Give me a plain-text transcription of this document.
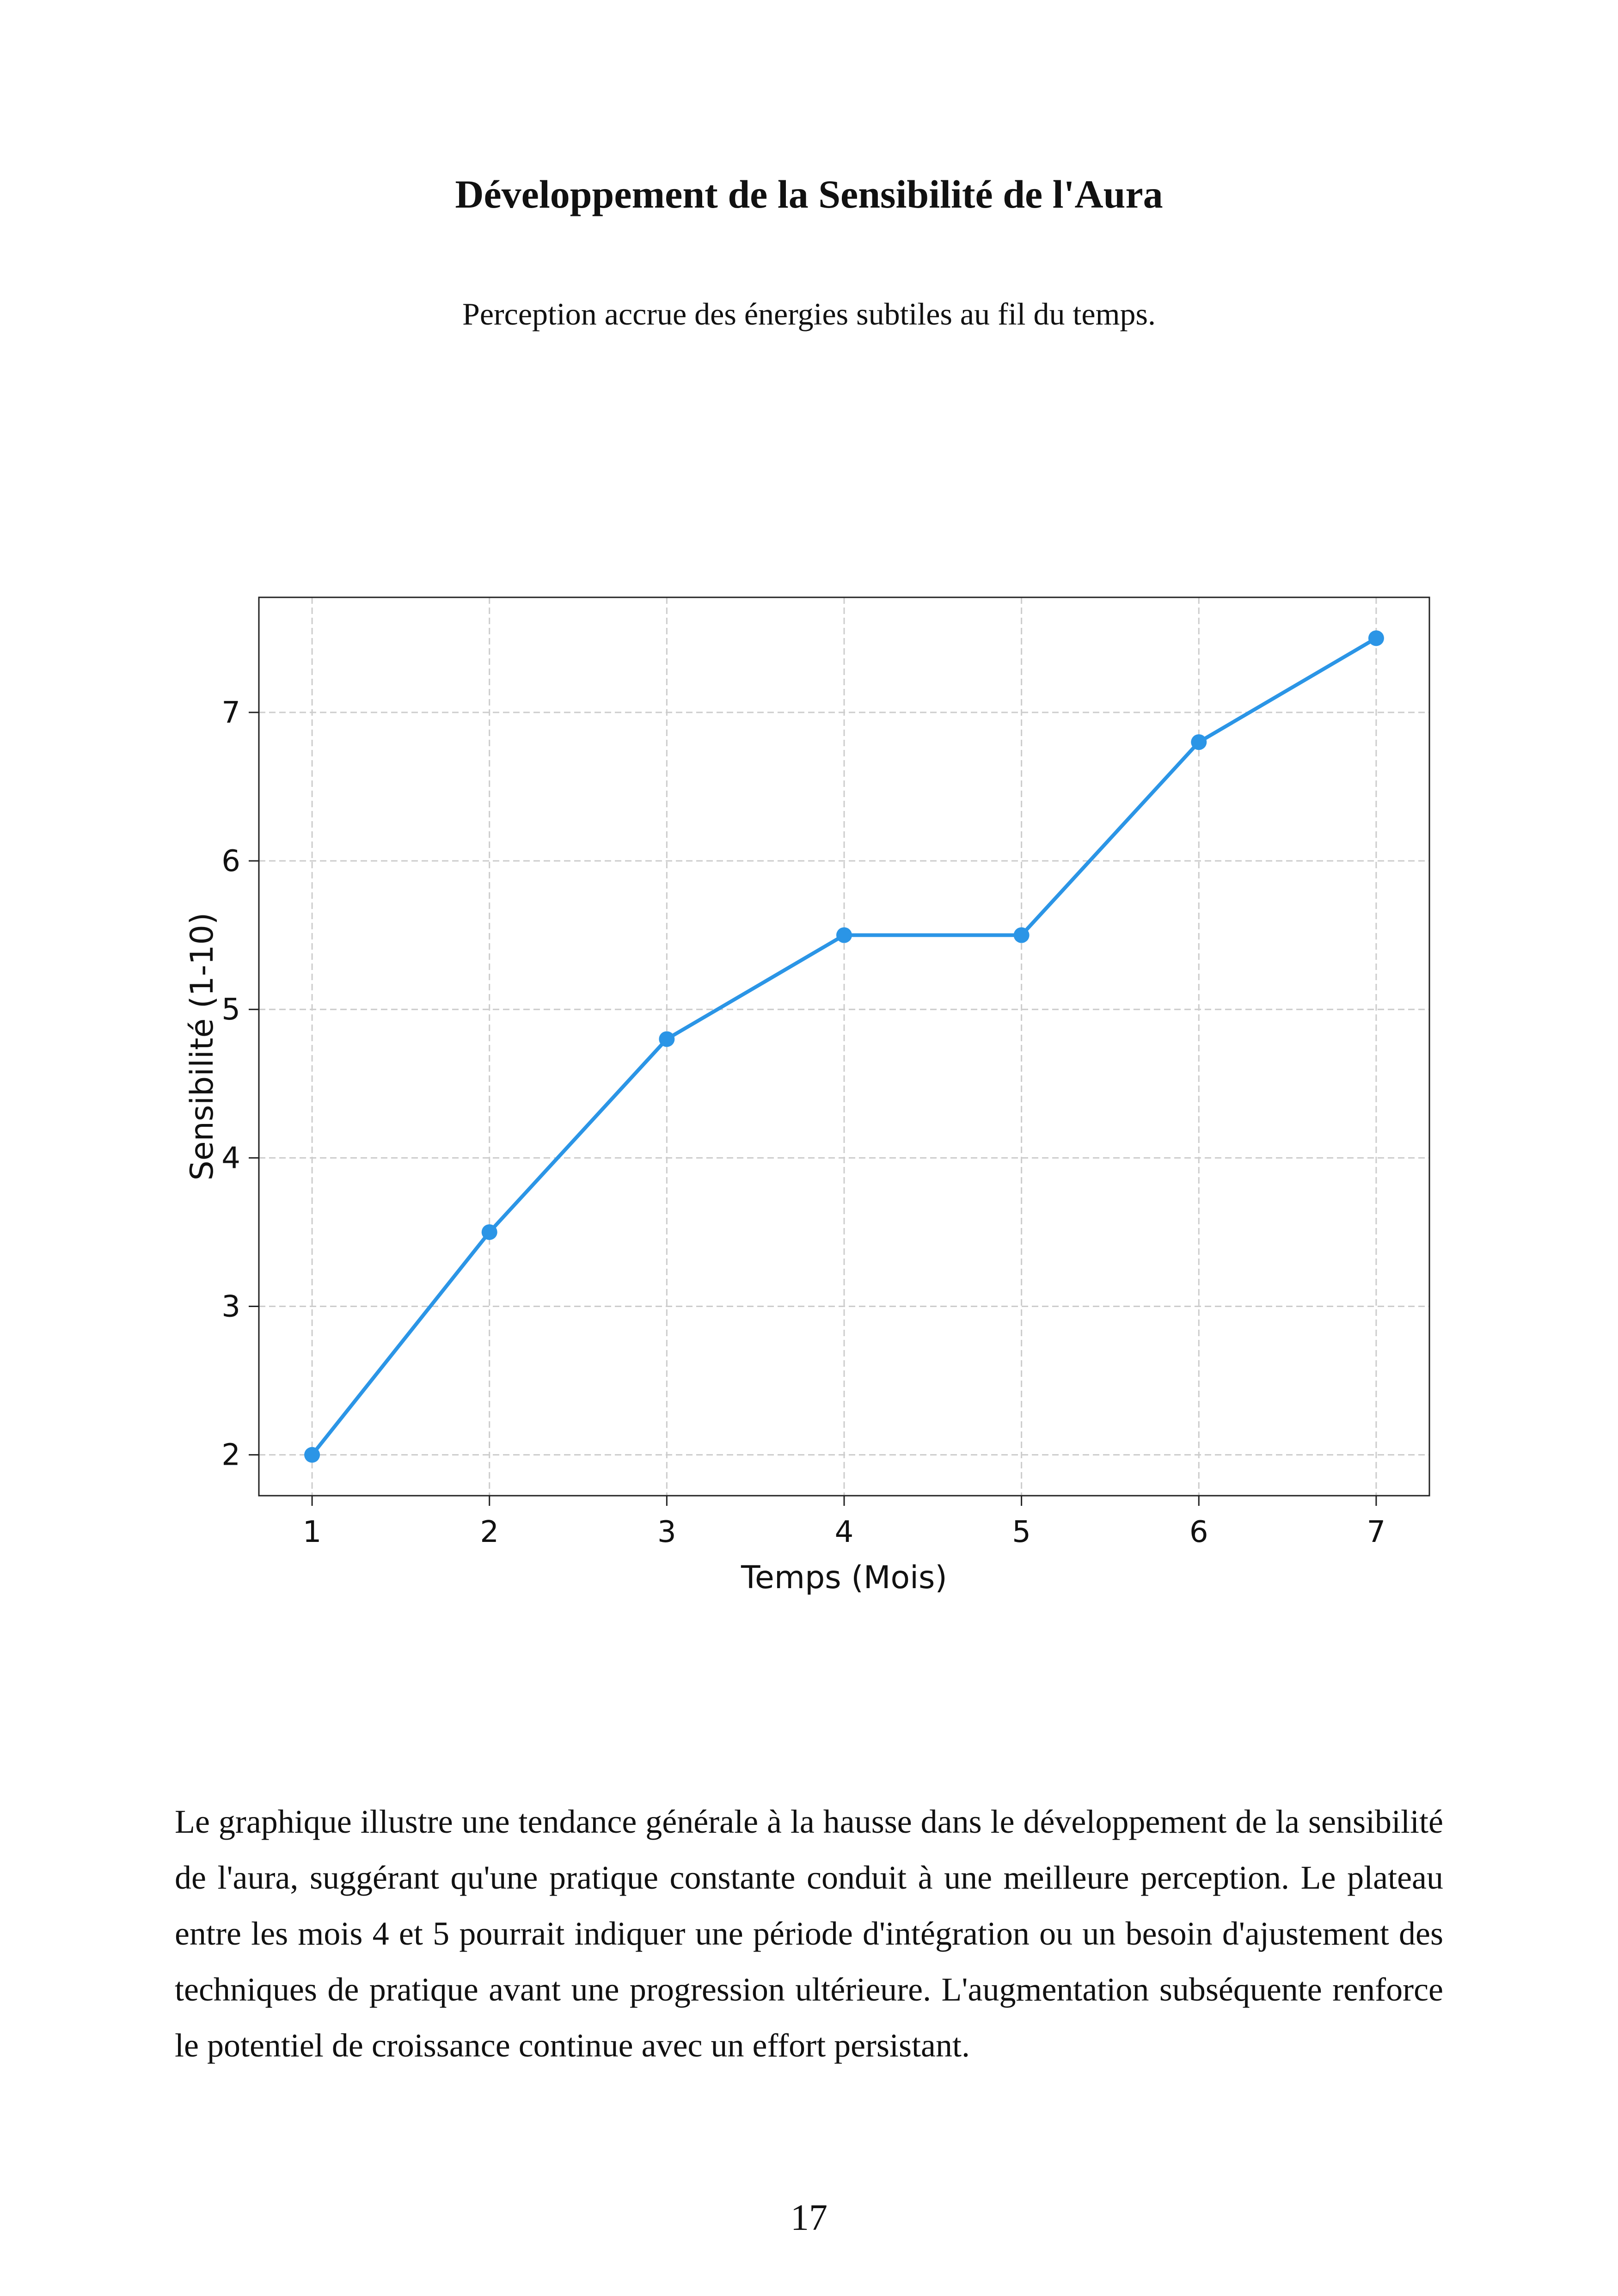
Développement de la Sensibilité de l'Aura

Perception accrue des énergies subtiles au fil du temps.

1	2	3	4	5	6	7
2
3
4
5
6
7
Temps (Mois)
Sensibilité (1-10)

Le graphique illustre une tendance générale à la hausse dans le développement de la sensibilité de l'aura, suggérant qu'une pratique constante conduit à une meilleure perception. Le plateau entre les mois 4 et 5 pourrait indiquer une période d'intégration ou un besoin d'ajustement des techniques de pratique avant une progression ultérieure. L'augmentation subséquente renforce le potentiel de croissance continue avec un effort persistant.

17
